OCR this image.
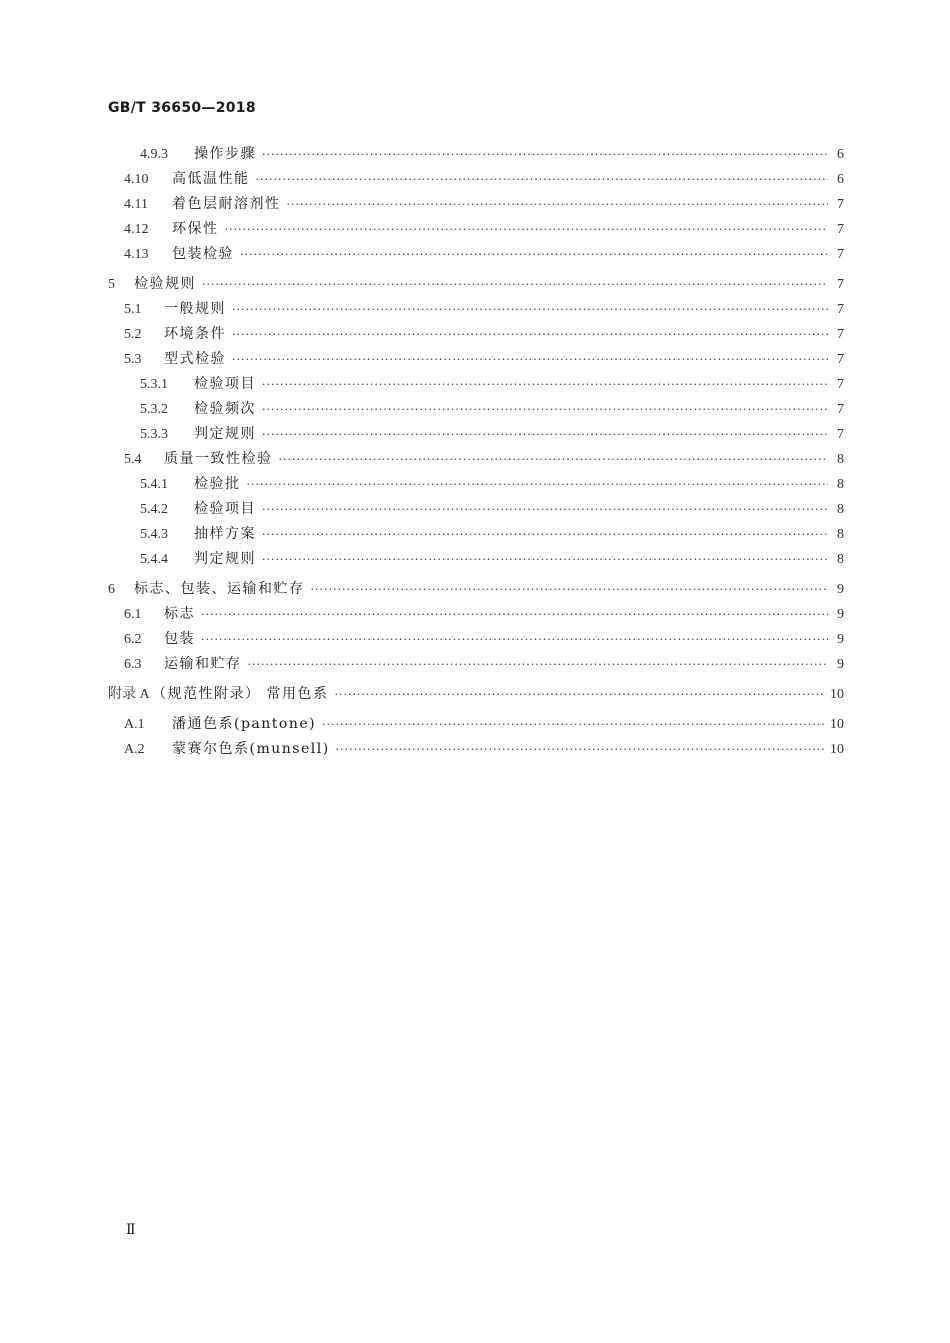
GB/T 36650—2018
4.9.3	操作步骤 ·····	6
4.10	高低温性能 ·····	6
4.11	着色层耐溶剂性 ·····	7
4.12	环保性 ·····	7
4.13	包装检验 ·····	7
5	检验规则 ·····	7
5.1	一般规则 ·····	7
5.2	环境条件 ·····	7
5.3	型式检验 ·····	7
5.3.1	检验项目 ·····	7
5.3.2	检验频次 ·····	7
5.3.3	判定规则 ·····	7
5.4	质量一致性检验 ·····	8
5.4.1	检验批 ·····	8
5.4.2	检验项目 ·····	8
5.4.3	抽样方案 ·····	8
5.4.4	判定规则 ·····	8
6	标志、包装、运输和贮存 ·····	9
6.1	标志 ·····	9
6.2	包装 ·····	9
6.3	运输和贮存 ·····	9
附录 A （规范性附录） 常用色系 ·····	10
A.1	潘通色系(pantone) ·····	10
A.2	蒙赛尔色系(munsell) ·····	10
Ⅱ
